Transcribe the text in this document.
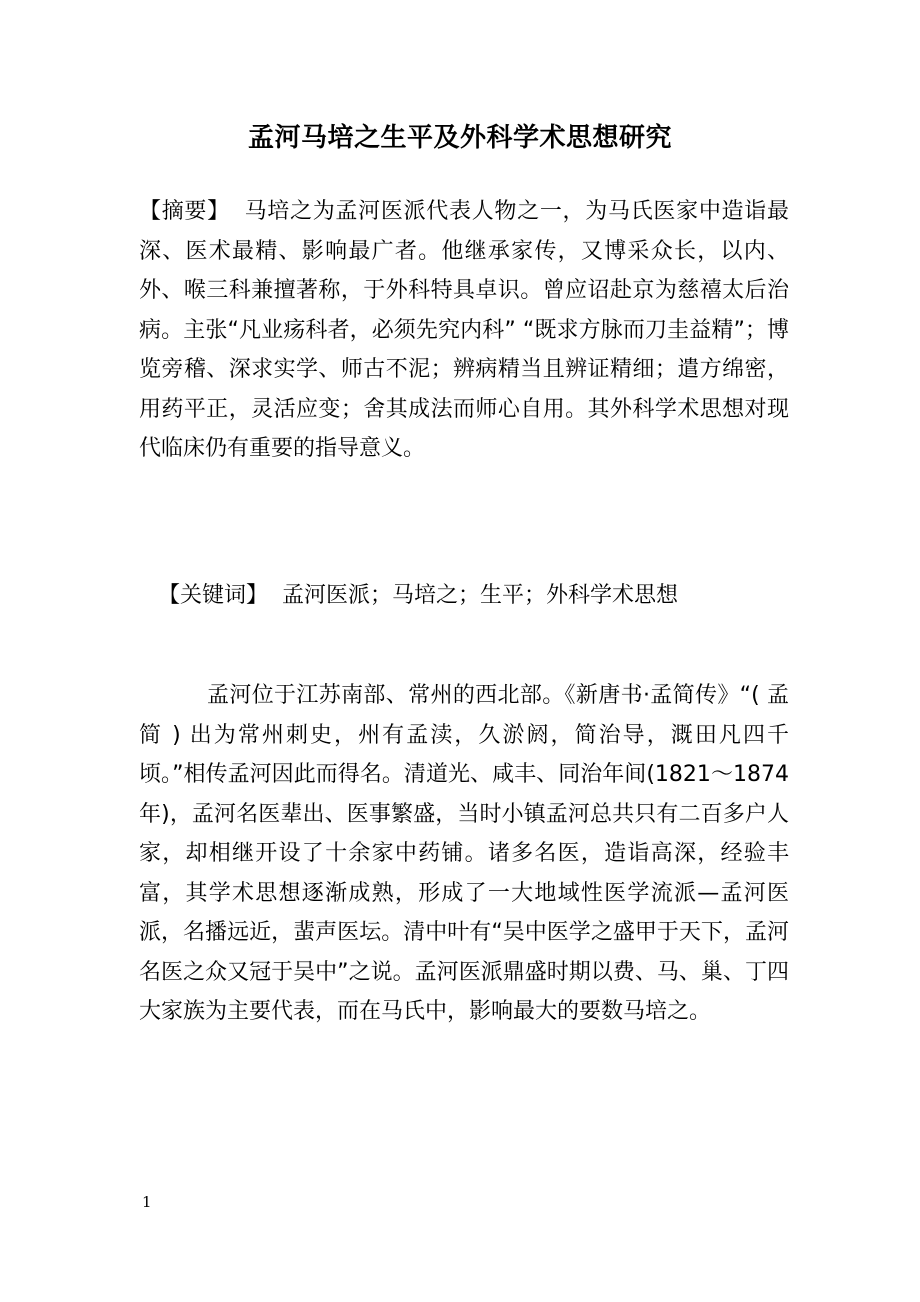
孟河马培之生平及外科学术思想研究
【摘要】 马培之为孟河医派代表人物之一，为马氏医家中造诣最深、医术最精、影响最广者。他继承家传，又博采众长，以内、外、喉三科兼擅著称，于外科特具卓识。曾应诏赴京为慈禧太后治病。主张“凡业疡科者，必须先究内科” “既求方脉而刀圭益精”；博览旁稽、深求实学、师古不泥；辨病精当且辨证精细；遣方绵密，用药平正，灵活应变；舍其成法而师心自用。其外科学术思想对现代临床仍有重要的指导意义。
【关键词】 孟河医派；马培之；生平；外科学术思想
孟河位于江苏南部、常州的西北部。《新唐书·孟简传》“( 孟简 ) 出为常州刺史，州有孟渎，久淤阏，简治导，溉田凡四千顷。”相传孟河因此而得名。清道光、咸丰、同治年间(1821～1874 年)，孟河名医辈出、医事繁盛，当时小镇孟河总共只有二百多户人家，却相继开设了十余家中药铺。诸多名医，造诣高深，经验丰富，其学术思想逐渐成熟，形成了一大地域性医学流派—孟河医派，名播远近，蜚声医坛。清中叶有“吴中医学之盛甲于天下，孟河名医之众又冠于吴中”之说。孟河医派鼎盛时期以费、马、巢、丁四大家族为主要代表，而在马氏中，影响最大的要数马培之。
1
